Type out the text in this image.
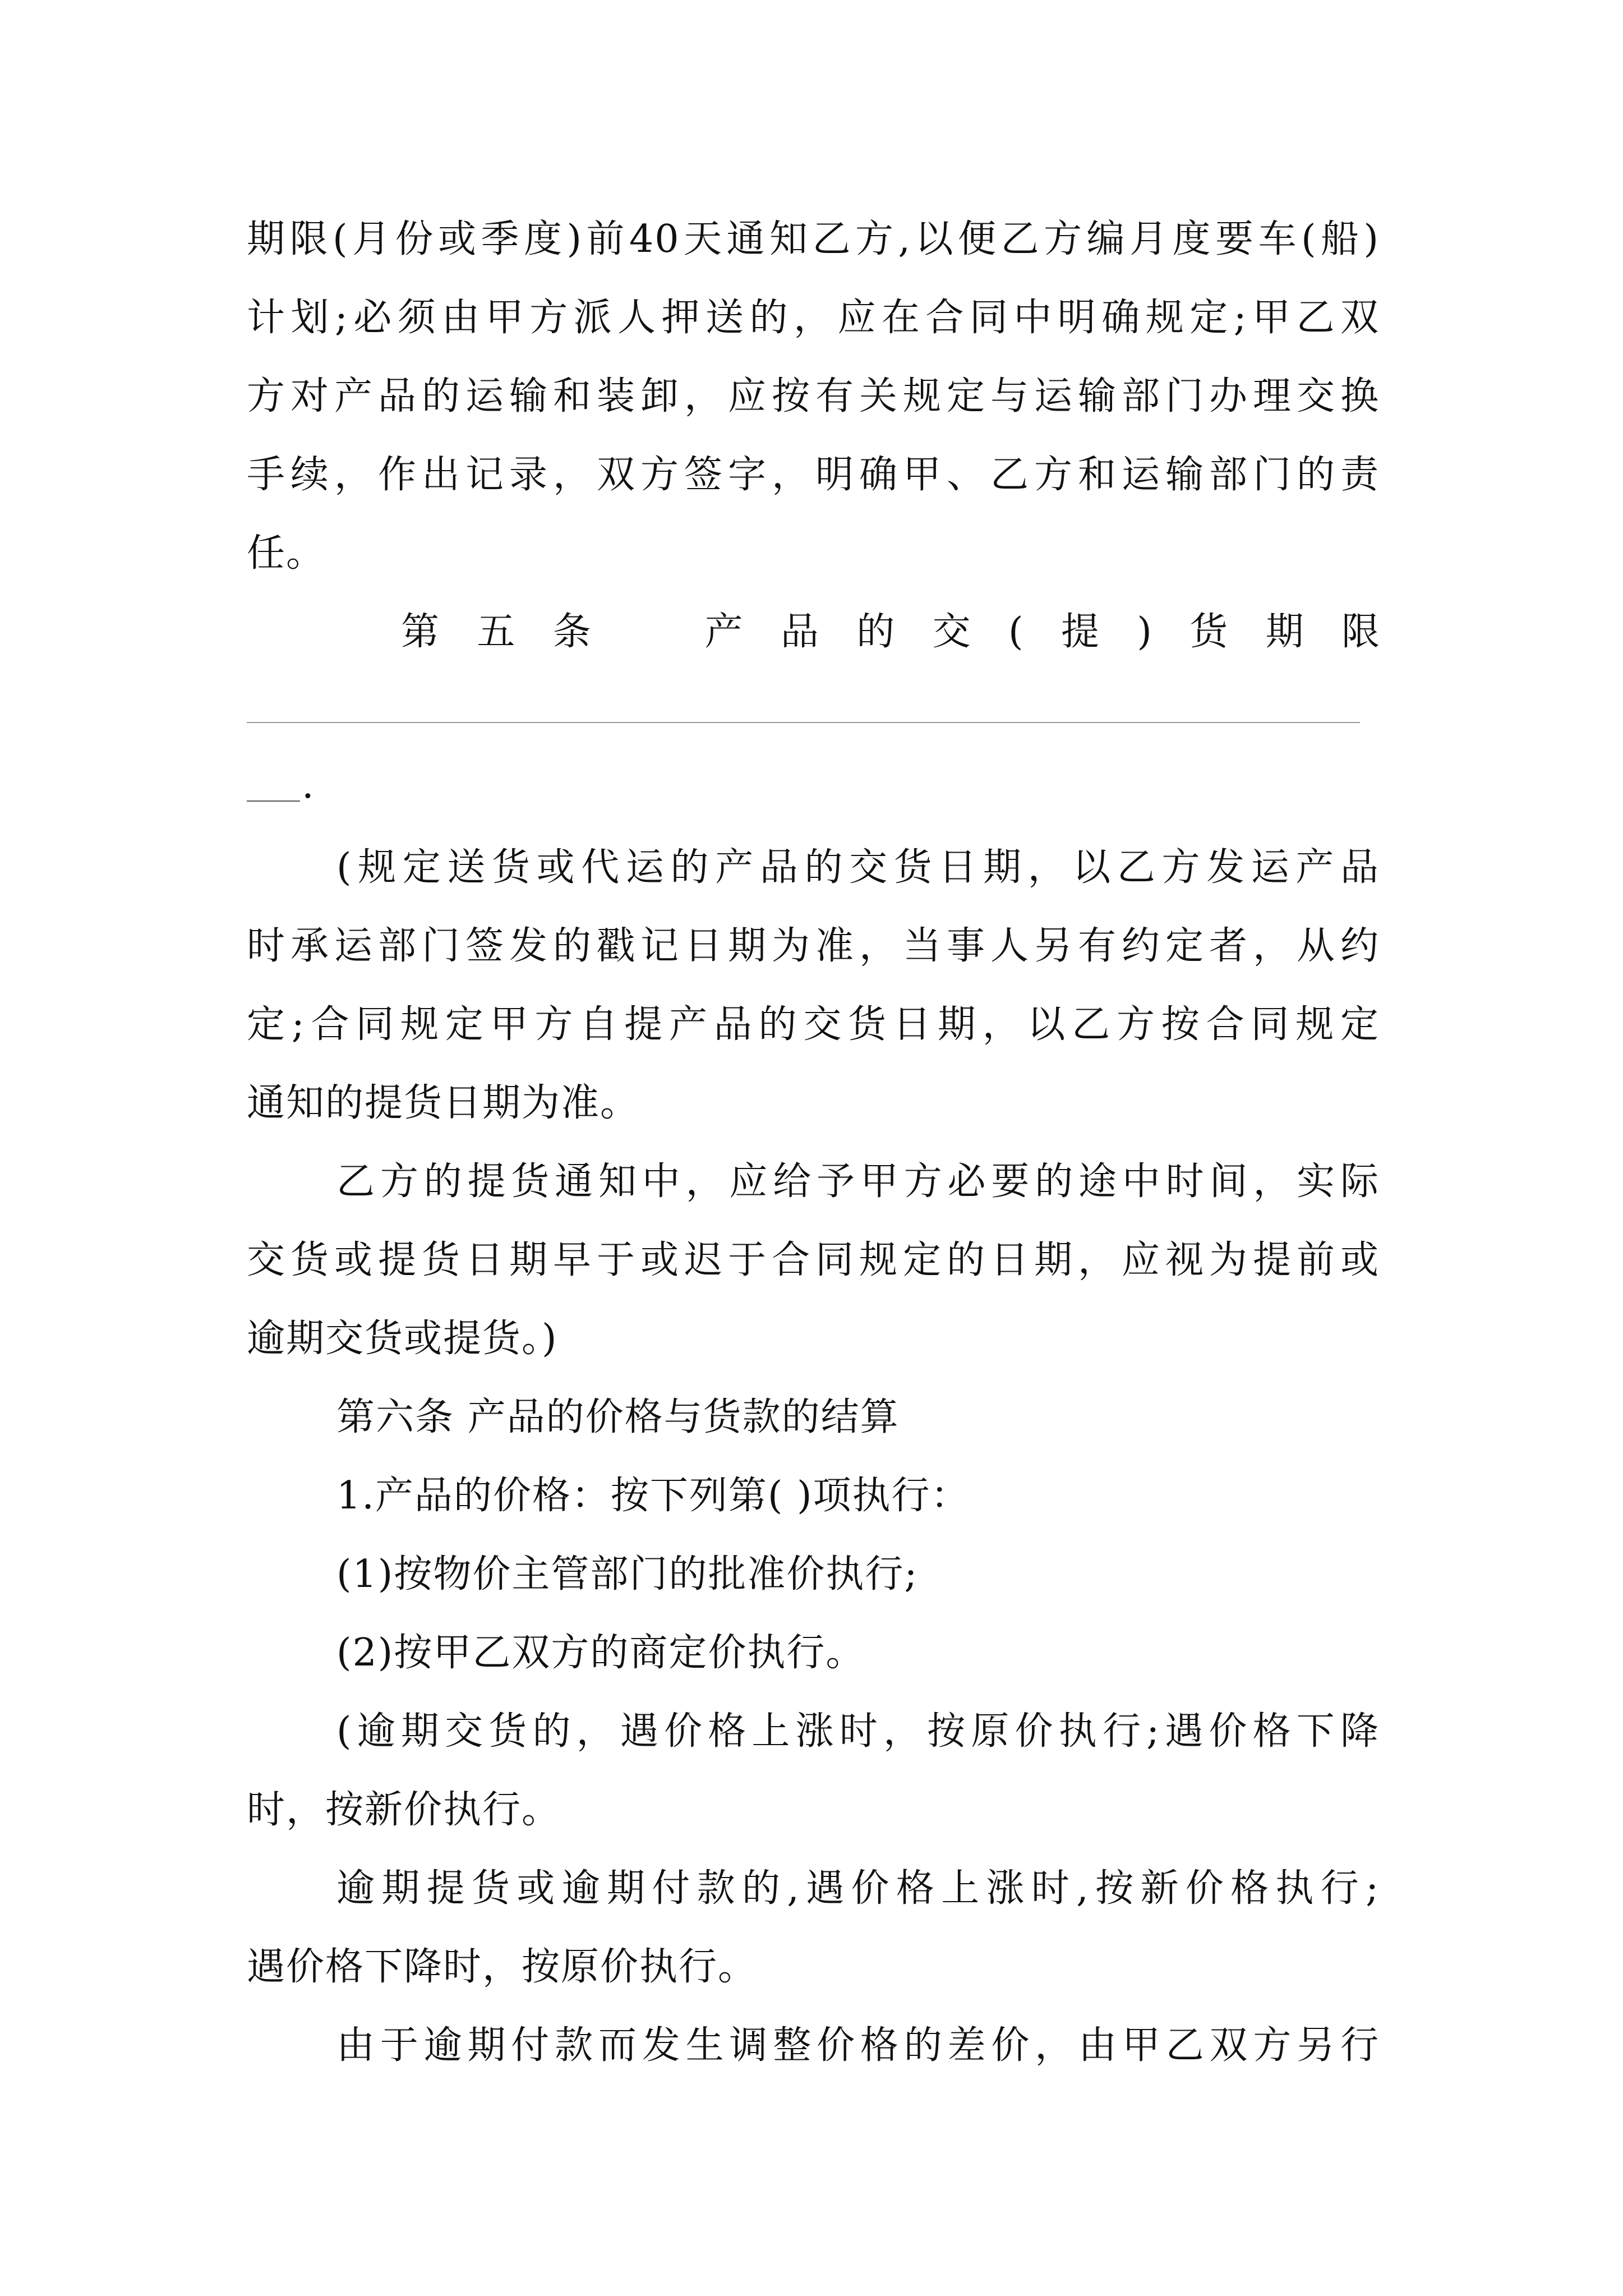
期限(月份或季度)前40天通知乙方,以便乙方编月度要车(船)
计划;必须由甲方派人押送的，应在合同中明确规定;甲乙双
方对产品的运输和装卸，应按有关规定与运输部门办理交换
手续，作出记录，双方签字，明确甲、乙方和运输部门的责
任。
第五条　产品的交(提)货期限
.
(规定送货或代运的产品的交货日期，以乙方发运产品
时承运部门签发的戳记日期为准，当事人另有约定者，从约
定;合同规定甲方自提产品的交货日期，以乙方按合同规定
通知的提货日期为准。
乙方的提货通知中，应给予甲方必要的途中时间，实际
交货或提货日期早于或迟于合同规定的日期，应视为提前或
逾期交货或提货。)
第六条 产品的价格与货款的结算
1.产品的价格：按下列第( )项执行：
(1)按物价主管部门的批准价执行;
(2)按甲乙双方的商定价执行。
(逾期交货的，遇价格上涨时，按原价执行;遇价格下降
时，按新价执行。
逾期提货或逾期付款的,遇价格上涨时,按新价格执行;
遇价格下降时，按原价执行。
由于逾期付款而发生调整价格的差价，由甲乙双方另行
